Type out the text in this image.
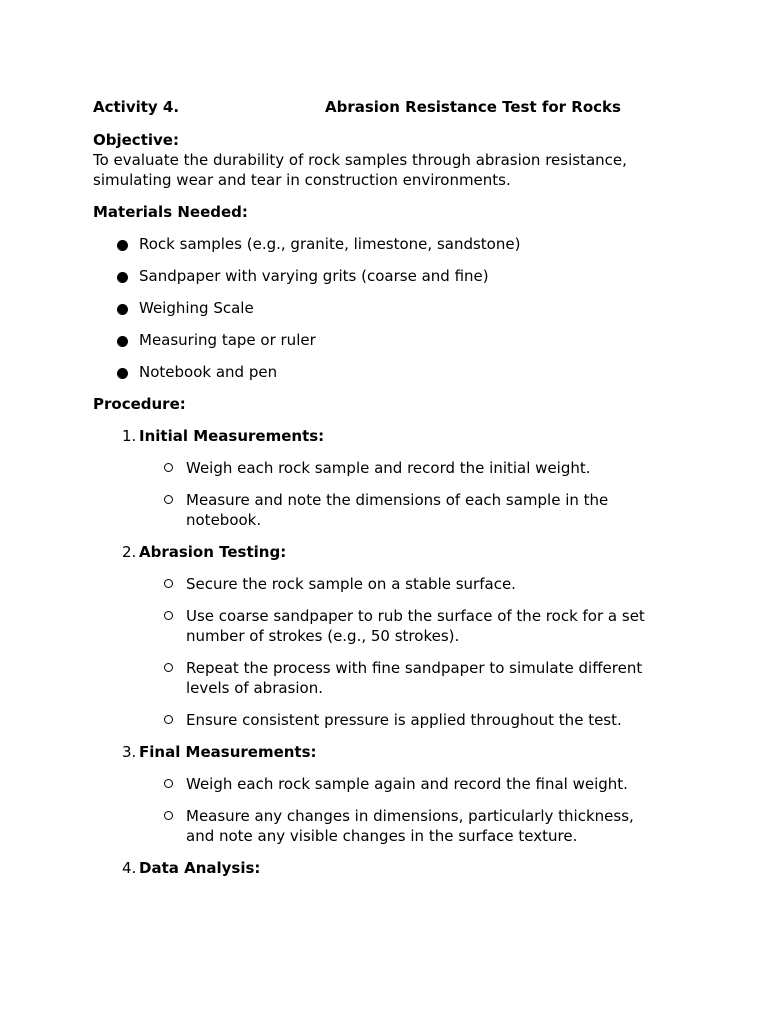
Activity 4.	Abrasion Resistance Test for Rocks
Objective:
To evaluate the durability of rock samples through abrasion resistance,
simulating wear and tear in construction environments.
Materials Needed:
Rock samples (e.g., granite, limestone, sandstone)
Sandpaper with varying grits (coarse and fine)
Weighing Scale
Measuring tape or ruler
Notebook and pen
Procedure:
1. Initial Measurements:
Weigh each rock sample and record the initial weight.
Measure and note the dimensions of each sample in the
notebook.
2. Abrasion Testing:
Secure the rock sample on a stable surface.
Use coarse sandpaper to rub the surface of the rock for a set
number of strokes (e.g., 50 strokes).
Repeat the process with fine sandpaper to simulate different
levels of abrasion.
Ensure consistent pressure is applied throughout the test.
3. Final Measurements:
Weigh each rock sample again and record the final weight.
Measure any changes in dimensions, particularly thickness,
and note any visible changes in the surface texture.
4. Data Analysis:
